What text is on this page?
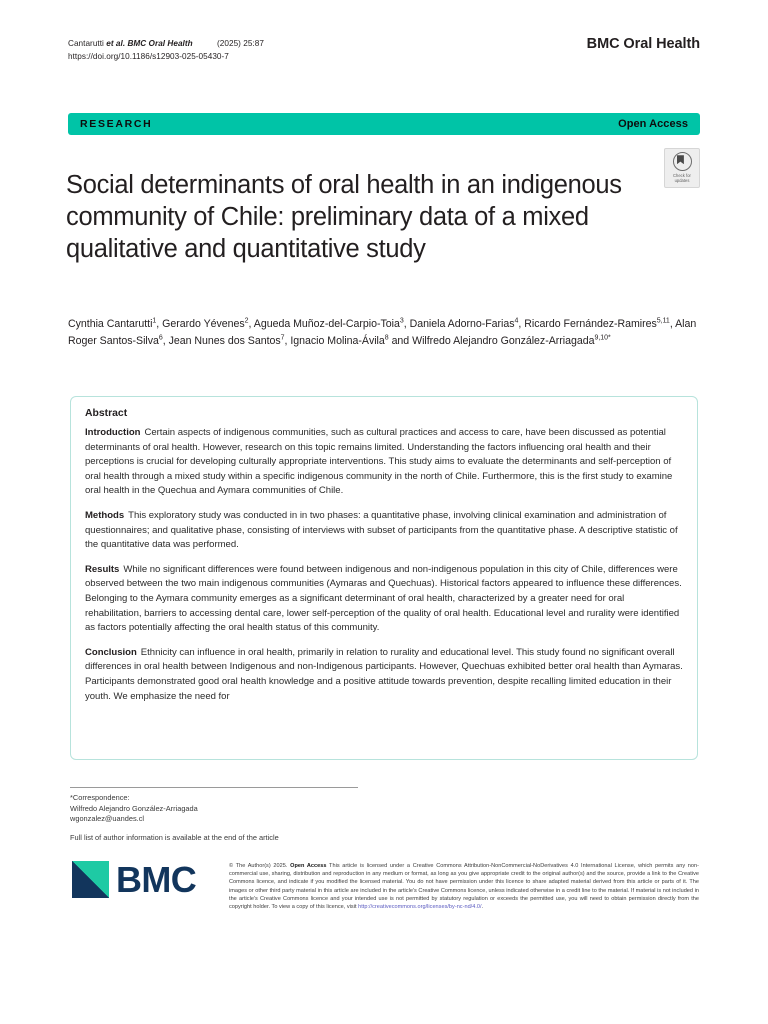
Cantarutti et al. BMC Oral Health	(2025) 25:87
https://doi.org/10.1186/s12903-025-05430-7
BMC Oral Health
RESEARCH	Open Access
Social determinants of oral health in an indigenous community of Chile: preliminary data of a mixed qualitative and quantitative study
Check for
updates
Cynthia Cantarutti$^1$, Gerardo Yévenes$^2$, Agueda Muñoz-del-Carpio-Toia$^3$, Daniela Adorno-Farias$^4$, Ricardo Fernández-Ramires$^{5,11}$, Alan Roger Santos-Silva$^6$, Jean Nunes dos Santos$^7$, Ignacio Molina-Ávila$^8$ and Wilfredo Alejandro González-Arriagada$^{9,10*}$
Abstract

Introduction Certain aspects of indigenous communities, such as cultural practices and access to care, have been discussed as potential determinants of oral health. However, research on this topic remains limited. Understanding the factors influencing oral health and their perceptions is crucial for developing culturally appropriate interventions. This study aims to evaluate the determinants and self-perception of oral health through a mixed study within a specific indigenous community in the north of Chile. Furthermore, this is the first study to examine oral health in the Quechua and Aymara communities of Chile.

Methods This exploratory study was conducted in in two phases: a quantitative phase, involving clinical examination and administration of questionnaires; and qualitative phase, consisting of interviews with subset of participants from the quantitative phase. A descriptive statistic of the quantitative data was performed.

Results While no significant differences were found between indigenous and non-indigenous population in this city of Chile, differences were observed between the two main indigenous communities (Aymaras and Quechuas). Historical factors appeared to influence these differences. Belonging to the Aymara community emerges as a significant determinant of oral health, characterized by a greater need for oral rehabilitation, barriers to accessing dental care, lower self-perception of the quality of oral health. Educational level and rurality were identified as factors potentially affecting the oral health status of this community.

Conclusion Ethnicity can influence in oral health, primarily in relation to rurality and educational level. This study found no significant overall differences in oral health between Indigenous and non-Indigenous participants. However, Quechuas exhibited better oral health than Aymaras. Participants demonstrated good oral health knowledge and a positive attitude towards prevention, despite recalling limited education in their youth. We emphasize the need for

*Correspondence:
Wilfredo Alejandro González-Arriagada
wgonzalez@uandes.cl
Full list of author information is available at the end of the article
BMC	© The Author(s) 2025. Open Access This article is licensed under a Creative Commons Attribution-NonCommercial-NoDerivatives 4.0 International License, which permits any non-commercial use, sharing, distribution and reproduction in any medium or format, as long as you give appropriate credit to the original author(s) and the source, provide a link to the Creative Commons licence, and indicate if you modified the licensed material. You do not have permission under this licence to share adapted material derived from this article or parts of it. The images or other third party material in this article are included in the article's Creative Commons licence, unless indicated otherwise in a credit line to the material. If material is not included in the article's Creative Commons licence and your intended use is not permitted by statutory regulation or exceeds the permitted use, you will need to obtain permission directly from the copyright holder. To view a copy of this licence, visit http://creativecommons.org/licenses/by-nc-nd/4.0/.
